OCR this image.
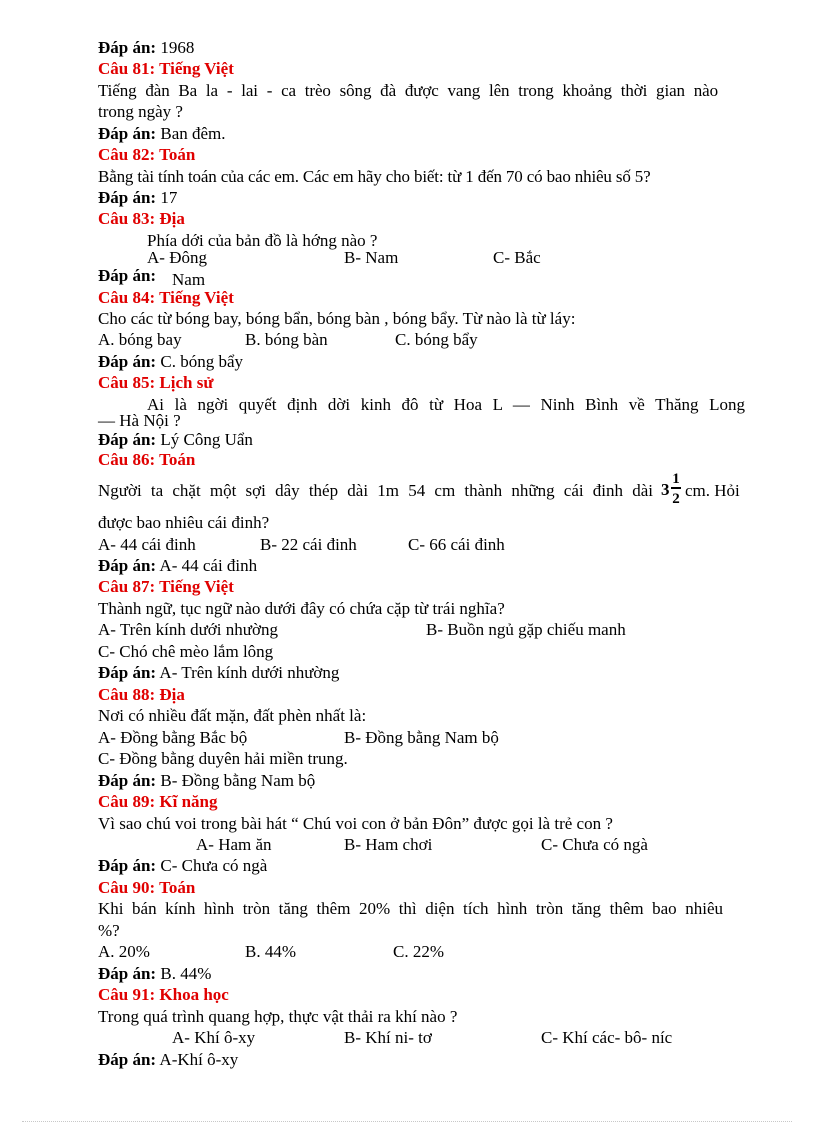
Đáp án: 1968
Câu 81: Tiếng Việt
Tiếng đàn Ba la - lai - ca trèo sông đà được vang lên trong khoảng thời gian nào
trong ngày ?
Đáp án: Ban đêm.
Câu 82: Toán
Bằng tài tính toán của các em. Các em hãy cho biết: từ 1 đến 70 có bao nhiêu số 5?
Đáp án: 17
Câu 83: Địa
Phía dới của bản đồ là hớng nào ?
A- Đông	B- Nam	C- Bắc
Đáp án: Nam
Câu 84: Tiếng Việt
Cho các từ bóng bay, bóng bẩn, bóng bàn , bóng bẩy. Từ nào là từ láy:
A. bóng bay	B. bóng bàn	C. bóng bẩy
Đáp án: C. bóng bẩy
Câu 85: Lịch sử
Ai là ngời quyết định dời kinh đô từ Hoa L — Ninh Bình về Thăng Long
— Hà Nội ?
Đáp án: Lý Công Uẩn
Câu 86: Toán
Người ta chặt một sợi dây thép dài 1m 54 cm thành những cái đinh dài 3
1
2 cm. Hỏi
được bao nhiêu cái đinh?
A- 44 cái đinh	B- 22 cái đinh	C- 66 cái đinh
Đáp án: A- 44 cái đinh
Câu 87: Tiếng Việt
Thành ngữ, tục ngữ nào dưới đây có chứa cặp từ trái nghĩa?
A- Trên kính dưới nhường	B- Buồn ngủ gặp chiếu manh
C- Chó chê mèo lắm lông
Đáp án: A- Trên kính dưới nhường
Câu 88: Địa
Nơi có nhiều đất mặn, đất phèn nhất là:
A- Đồng bằng Bắc bộ	B- Đồng bằng Nam bộ
C- Đồng bằng duyên hải miền trung.
Đáp án: B- Đồng bằng Nam bộ
Câu 89: Kĩ năng
Vì sao chú voi trong bài hát “ Chú voi con ở bản Đôn” được gọi là trẻ con ?
A- Ham ăn	B- Ham chơi	C- Chưa có ngà
Đáp án: C- Chưa có ngà
Câu 90: Toán
Khi bán kính hình tròn tăng thêm 20% thì diện tích hình tròn tăng thêm bao nhiêu
%?
A. 20%	B. 44%	C. 22%
Đáp án: B. 44%
Câu 91: Khoa học
Trong quá trình quang hợp, thực vật thải ra khí nào ?
A- Khí ô-xy	B- Khí ni- tơ	C- Khí các- bô- níc
Đáp án: A-Khí ô-xy
